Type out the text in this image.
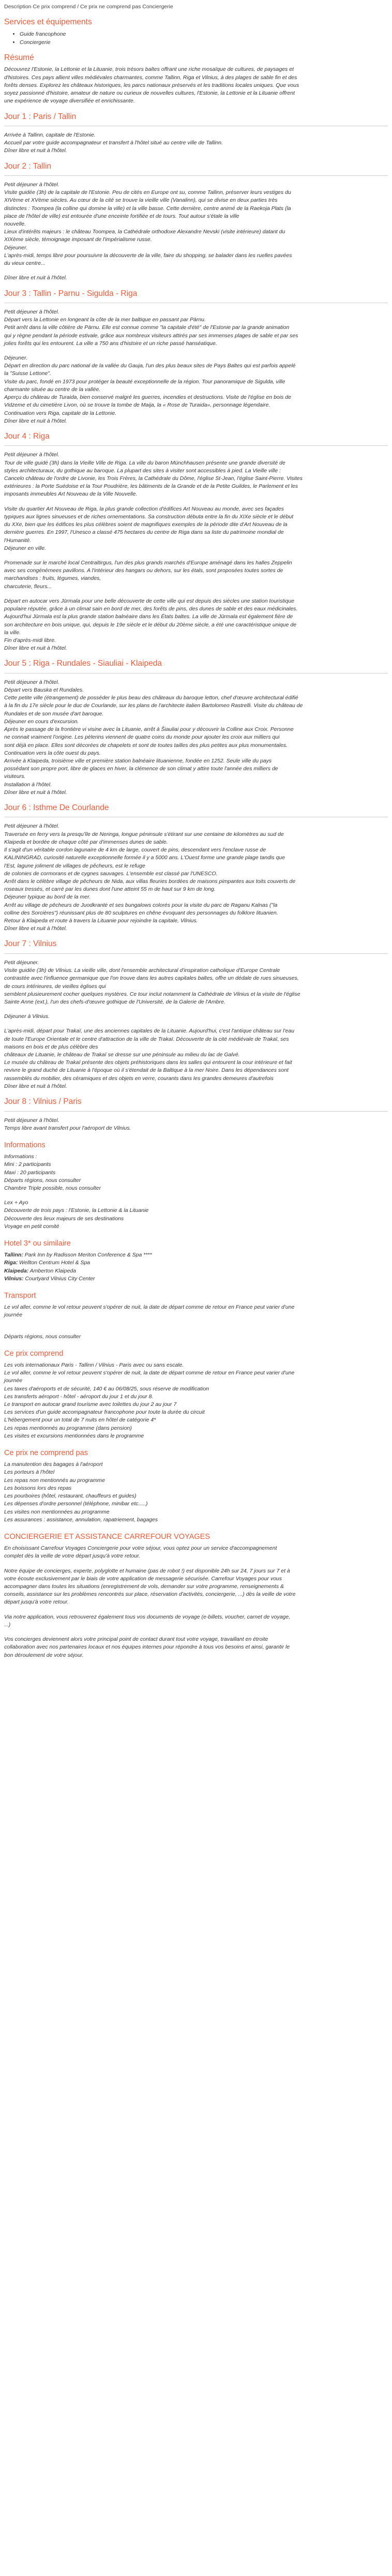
Description Ce prix comprend / Ce prix ne comprend pas Conciergerie

Services et équipements
• Guide francophone
• Conciergerie
Résumé

Découvrez l'Estonie, la Lettonie et la Lituanie, trois trésors baltes offrant une riche mosaïque de cultures, de paysages et

d'histoires. Ces pays allient villes médiévales charmantes, comme Tallinn, Riga et Vilnius, à des plages de sable fin et des

forêts denses. Explorez les châteaux historiques, les parcs nationaux préservés et les traditions locales uniques. Que vous

soyez passionné d'histoire, amateur de nature ou curieux de nouvelles cultures, l'Estonie, la Lettonie et la Lituanie offrent

une expérience de voyage diversifiée et enrichissante.

Jour 1 : Paris / Tallin

Arrivée à Tallinn, capitale de l'Estonie.

Accueil par votre guide accompagnateur et transfert à l'hôtel situé au centre ville de Tallinn.

Dîner libre et nuit à l'hôtel.

Jour 2 : Tallin

Petit déjeuner à l'hôtel.

Visite guidée (3h) de la capitale de l'Estonie. Peu de cités en Europe ont su, comme Tallinn, préserver leurs vestiges du

XIVème et XVème siècles. Au cœur de la cité se trouve la vieille ville (Vanalinn), qui se divise en deux parties très

distinctes : Toompea (la colline qui domine la ville) et la ville basse. Cette dernière, centre animé de la Raekoja Plats (la

place de l'hôtel de ville) est entourée d'une enceinte fortifiée et de tours. Tout autour s'étale la ville

nouvelle.

Lieux d'intérêts majeurs : le château Toompea, la Cathédrale orthodoxe Alexandre Nevski (visite intérieure) datant du

XIXème siècle, témoignage imposant de l'impérialisme russe.

Déjeuner.

L'après-midi, temps libre pour poursuivre la découverte de la ville, faire du shopping, se balader dans les ruelles pavées

du vieux centre...

Dîner libre et nuit à l'hôtel.

Jour 3 : Tallin - Parnu - Sigulda - Riga

Petit déjeuner à l'hôtel.

Départ vers la Lettonie en longeant la côte de la mer baltique en passant par Pärnu.

Petit arrêt dans la ville côtière de Pärnu. Elle est connue comme "la capitale d'été" de l'Estonie par la grande animation

qui y règne pendant la période estivale, grâce aux nombreux visiteurs attirés par ses immenses plages de sable et par ses

jolies forêts qui les entourent. La ville a 750 ans d'histoire et un riche passé hanséatique.

Déjeuner.

Départ en direction du parc national de la vallée du Gauja, l'un des plus beaux sites de Pays Baltes qui est parfois appelé

la "Suisse Lettone".

Visite du parc, fondé en 1973 pour protéger la beauté exceptionnelle de la région. Tour panoramique de Sigulda, ville

charmante située au centre de la vallée.

Aperçu du château de Turaida, bien conservé malgré les guerres, incendies et destructions. Visite de l'église en bois de

Vidzeme et du cimetière Livon, où se trouve la tombe de Maija, la « Rose de Turaida», personnage légendaire.

Continuation vers Riga, capitale de la Lettonie.

Dîner libre et nuit à l'hôtel.

Jour 4 : Riga

Petit déjeuner à l'hôtel.

Tour de ville guidé (3h) dans la Vieille Ville de Riga. La ville du baron Münchhausen présente une grande diversité de

styles architecturaux, du gothique au baroque. La plupart des sites à visiter sont accessibles à pied. La Vieille ville :

Cancelo château de l'ordre de Livonie, les Trois Frères, la Cathédrale du Dôme, l'église St-Jean, l'église Saint-Pierre. Visites

extérieures : la Porte Suédoise et la Tour Poudrière, les bâtiments de la Grande et de la Petite Guildes, le Parlement et les

imposants immeubles Art Nouveau de la Ville Nouvelle.

Visite du quartier Art Nouveau de Riga, la plus grande collection d'édifices Art Nouveau au monde, avec ses façades

typiques aux lignes sinueuses et de riches ornementations. Sa construction débuta entre la fin du XIXe siècle et le début

du XXe, bien que les édifices les plus célèbres soient de magnifiques exemples de la période dite d'Art Nouveau de la

dernière guerres. En 1997, l'Unesco a classé 475 hectares du centre de Riga dans sa liste du patrimoine mondial de

l'Humanité.

Déjeuner en ville.

Promenade sur le marché local Centraltirgus, l'un des plus grands marchés d'Europe aménagé dans les halles Zeppelin

avec ses congénérnees pavillons. A l'intérieur des hangars ou dehors, sur les étals, sont proposées toutes sortes de

marchandises : fruits, légumes, viandes,

charcuterie, fleurs...

Départ en autocar vers Jūrmala pour une belle découverte de cette ville qui est depuis des siècles une station touristique

populaire réputée, grâce à un climat sain en bord de mer, des forêts de pins, des dunes de sable et des eaux médicinales.

Aujourd'hui Jūrmala est la plus grande station balnéaire dans les États baltes. La ville de Jūrmala est également fière de

son architecture en bois unique, qui, depuis le 19e siècle et le début du 20ème siècle, a été une caractéristique unique de

la ville.

Fin d'après-midi libre.

Dîner libre et nuit à l'hôtel.

Jour 5 : Riga - Rundales - Siauliai - Klaipeda

Petit déjeuner à l'hôtel.

Départ vers Bauska et Rundales.

Cette petite ville (étrangement) de posséder le plus beau des châteaux du baroque letton, chef d'œuvre architectural édifié

à la fin du 17e siècle pour le duc de Courlande, sur les plans de l'architecte italien Bartolomeo Rastrelli. Visite du château de

Rundales et de son musée d'art baroque.

Déjeuner en cours d'excursion.

Après le passage de la frontière vi visine avec la Lituanie, arrêt à Šiauliai pour y découvrir la Colline aux Croix. Personne

ne connait vraiment l'origine. Les pèlerins viennent de quatre coins du monde pour ajouter les croix aux milliers qui

sont déjà en place. Elles sont décorées de chapelets et sont de toutes tailles des plus petites aux plus monumentales.

Continuation vers la côte ouest du pays.

Arrivée à Klaipeda, troisième ville et première station balnéaire lituanienne, fondée en 1252. Seule ville du pays

possédant son propre port, libre de glaces en hiver, la clémence de son climat y attire toute l'année des milliers de

visiteurs.

Installation à l'hôtel.

Dîner libre et nuit à l'hôtel.

Jour 6 : Isthme De Courlande

Petit déjeuner à l'hôtel.

Traversée en ferry vers la presqu'île de Neringa, longue péninsule s'étirant sur une centaine de kilomètres au sud de

Klaipeda et bordée de chaque côté par d'immenses dunes de sable.

Il s'agit d'un véritable cordon lagunaire de 4 km de large, couvert de pins, descendant vers l'enclave russe de

KALININGRAD, curiosité naturelle exceptionnelle formée il y a 5000 ans. L'Ouest forme une grande plage tandis que

l'Est, lagune joliment de villages de pêcheurs, est le refuge

de colonies de cormorans et de cygnes sauvages. L'ensemble est classé par l'UNESCO.

Arrêt dans le célèbre village de pêcheurs de Nida, aux villas fleuries bordées de maisons pimpantes aux toits couverts de

roseaux tressés, et carré par les dunes dont l'une atteint 55 m de haut sur 9 km de long.

Déjeuner typique au bord de la mer.

Arrêt au village de pêcheurs de Juodkrantė et ses bungalows colorés pour la visite du parc de Raganu Kalnas ("la

colline des Sorcières") réunissant plus de 80 sculptures en chêne évoquant des personnages du folklore lituanien.

Retour à Klaipeda et route à travers la Lituanie pour rejoindre la capitale, Vilnius.

Dîner libre et nuit à l'hôtel.

Jour 7 : Vilnius

Petit déjeuner.

Visite guidée (3h) de Vilnius. La vieille ville, dont l'ensemble architectural d'inspiration catholique d'Europe Centrale

contrastée avec l'influence germanique que l'on trouve dans les autres capitales baltes, offre un dédale de rues sinueuses,

de cours intérieures, de vieilles églises qui

semblent plusieurement cocher quelques mystères. Ce tour inclut notamment la Cathédrale de Vilnius et la visite de l'église

Sainte Anne (ext.), l'un des chefs-d'œuvre gothique de l'Université, de la Galerie de l'Ambre.

Déjeuner à Vilnius.

L'après-midi, départ pour Trakaï, une des anciennes capitales de la Lituanie. Aujourd'hui, c'est l'antique château sur l'eau

de toute l'Europe Orientale et le centre d'attraction de la ville de Trakaï. Découverte de la cité médiévale de Trakaï, ses

maisons en bois et de plus célèbre des

châteaux de Lituanie, le château de Trakaï se dresse sur une péninsule au milieu du lac de Galvé.

Le musée du château de Trakaï présente des objets préhistoriques dans les salles qui entourent la cour intérieure et fait

revivre le grand duché de Lituanie à l'époque où il s'étendait de la Baltique à la mer Noire. Dans les dépendances sont

rassemblés du mobilier, des céramiques et des objets en verre, courants dans les grandes demeures d'autrefois

Dîner libre et nuit à l'hôtel.

Jour 8 : Vilnius / Paris

Petit déjeuner à l'hôtel.

Temps libre avant transfert pour l'aéroport de Vilnius.

Informations

Informations :

Mini : 2 participants

Maxi : 20 participants

Départs régions, nous consulter

Chambre Triple possible, nous consulter

Lex + Ayo

Découverte de trois pays : l'Estonie, la Lettonie & la Lituanie

Découverte des lieux majeurs de ses destinations

Voyage en petit comité

Hotel 3* ou similaire

Tallinn: Park Inn by Radisson Meriton Conference & Spa ****

Riga: Wellton Centrum Hotel & Spa

Klaipeda: Amberton Klaipeda

Vilnius: Courtyard Vilnius City Center

Transport

Le vol aller, comme le vol retour peuvent s'opérer de nuit, la date de départ comme de retour en France peut varier d'une

journée

Départs régions, nous consulter

Ce prix comprend

Les vols internationaux Paris - Tallinn / Vilnius - Paris avec ou sans escale.

Le vol aller, comme le vol retour peuvent s'opérer de nuit, la date de départ comme de retour en France peut varier d'une

journée

Les taxes d'aéroports et de sécurité, 140 € au 06/08/25, sous réserve de modification

Les transferts aéroport - hôtel - aéroport du jour 1 et du jour 8.

Le transport en autocar grand tourisme avec toilettes du jour 2 au jour 7

Les services d'un guide accompagnateur francophone pour toute la durée du circuit

L'hébergement pour un total de 7 nuits en hôtel de catégorie 4*

Les repas mentionnés au programme (dans pension)

Les visites et excursions mentionnées dans le programme

Ce prix ne comprend pas

La manutention des bagages à l'aéroport

Les porteurs à l'hôtel

Les repas non mentionnés au programme

Les boissons lors des repas

Les pourboires (hôtel, restaurant, chauffeurs et guides)

Les dépenses d'ordre personnel (téléphone, minibar etc.....)

Les visites non mentionnées au programme

Les assurances : assistance, annulation, rapatriement, bagages

CONCIERGERIE ET ASSISTANCE CARREFOUR VOYAGES

En choisissant Carrefour Voyages Conciergerie pour votre séjour, vous optez pour un service d'accompagnement

complet dès la veille de votre départ jusqu'à votre retour.

Notre équipe de concierges, experte, polyglotte et humaine (pas de robot !) est disponible 24h sur 24, 7 jours sur 7 et à

votre écoute exclusivement par le biais de votre application de messagerie sécurisée. Carrefour Voyages pour vous

accompagner dans toutes les situations (enregistrement de vols, demander sur votre programme, renseignements &

conseils, assistance sur les problèmes rencontrés sur place, réservation d'activités, conciergerie, ...) dès la veille de votre

départ jusqu'à votre retour.

Via notre application, vous retrouverez également tous vos documents de voyage (e-billets, voucher, carnet de voyage,

...)

Vos concierges deviennent alors votre principal point de contact durant tout votre voyage, travaillant en étroite

collaboration avec nos partenaires locaux et nos équipes internes pour répondre à tous vos besoins et ainsi, garantir le

bon déroulement de votre séjour.
